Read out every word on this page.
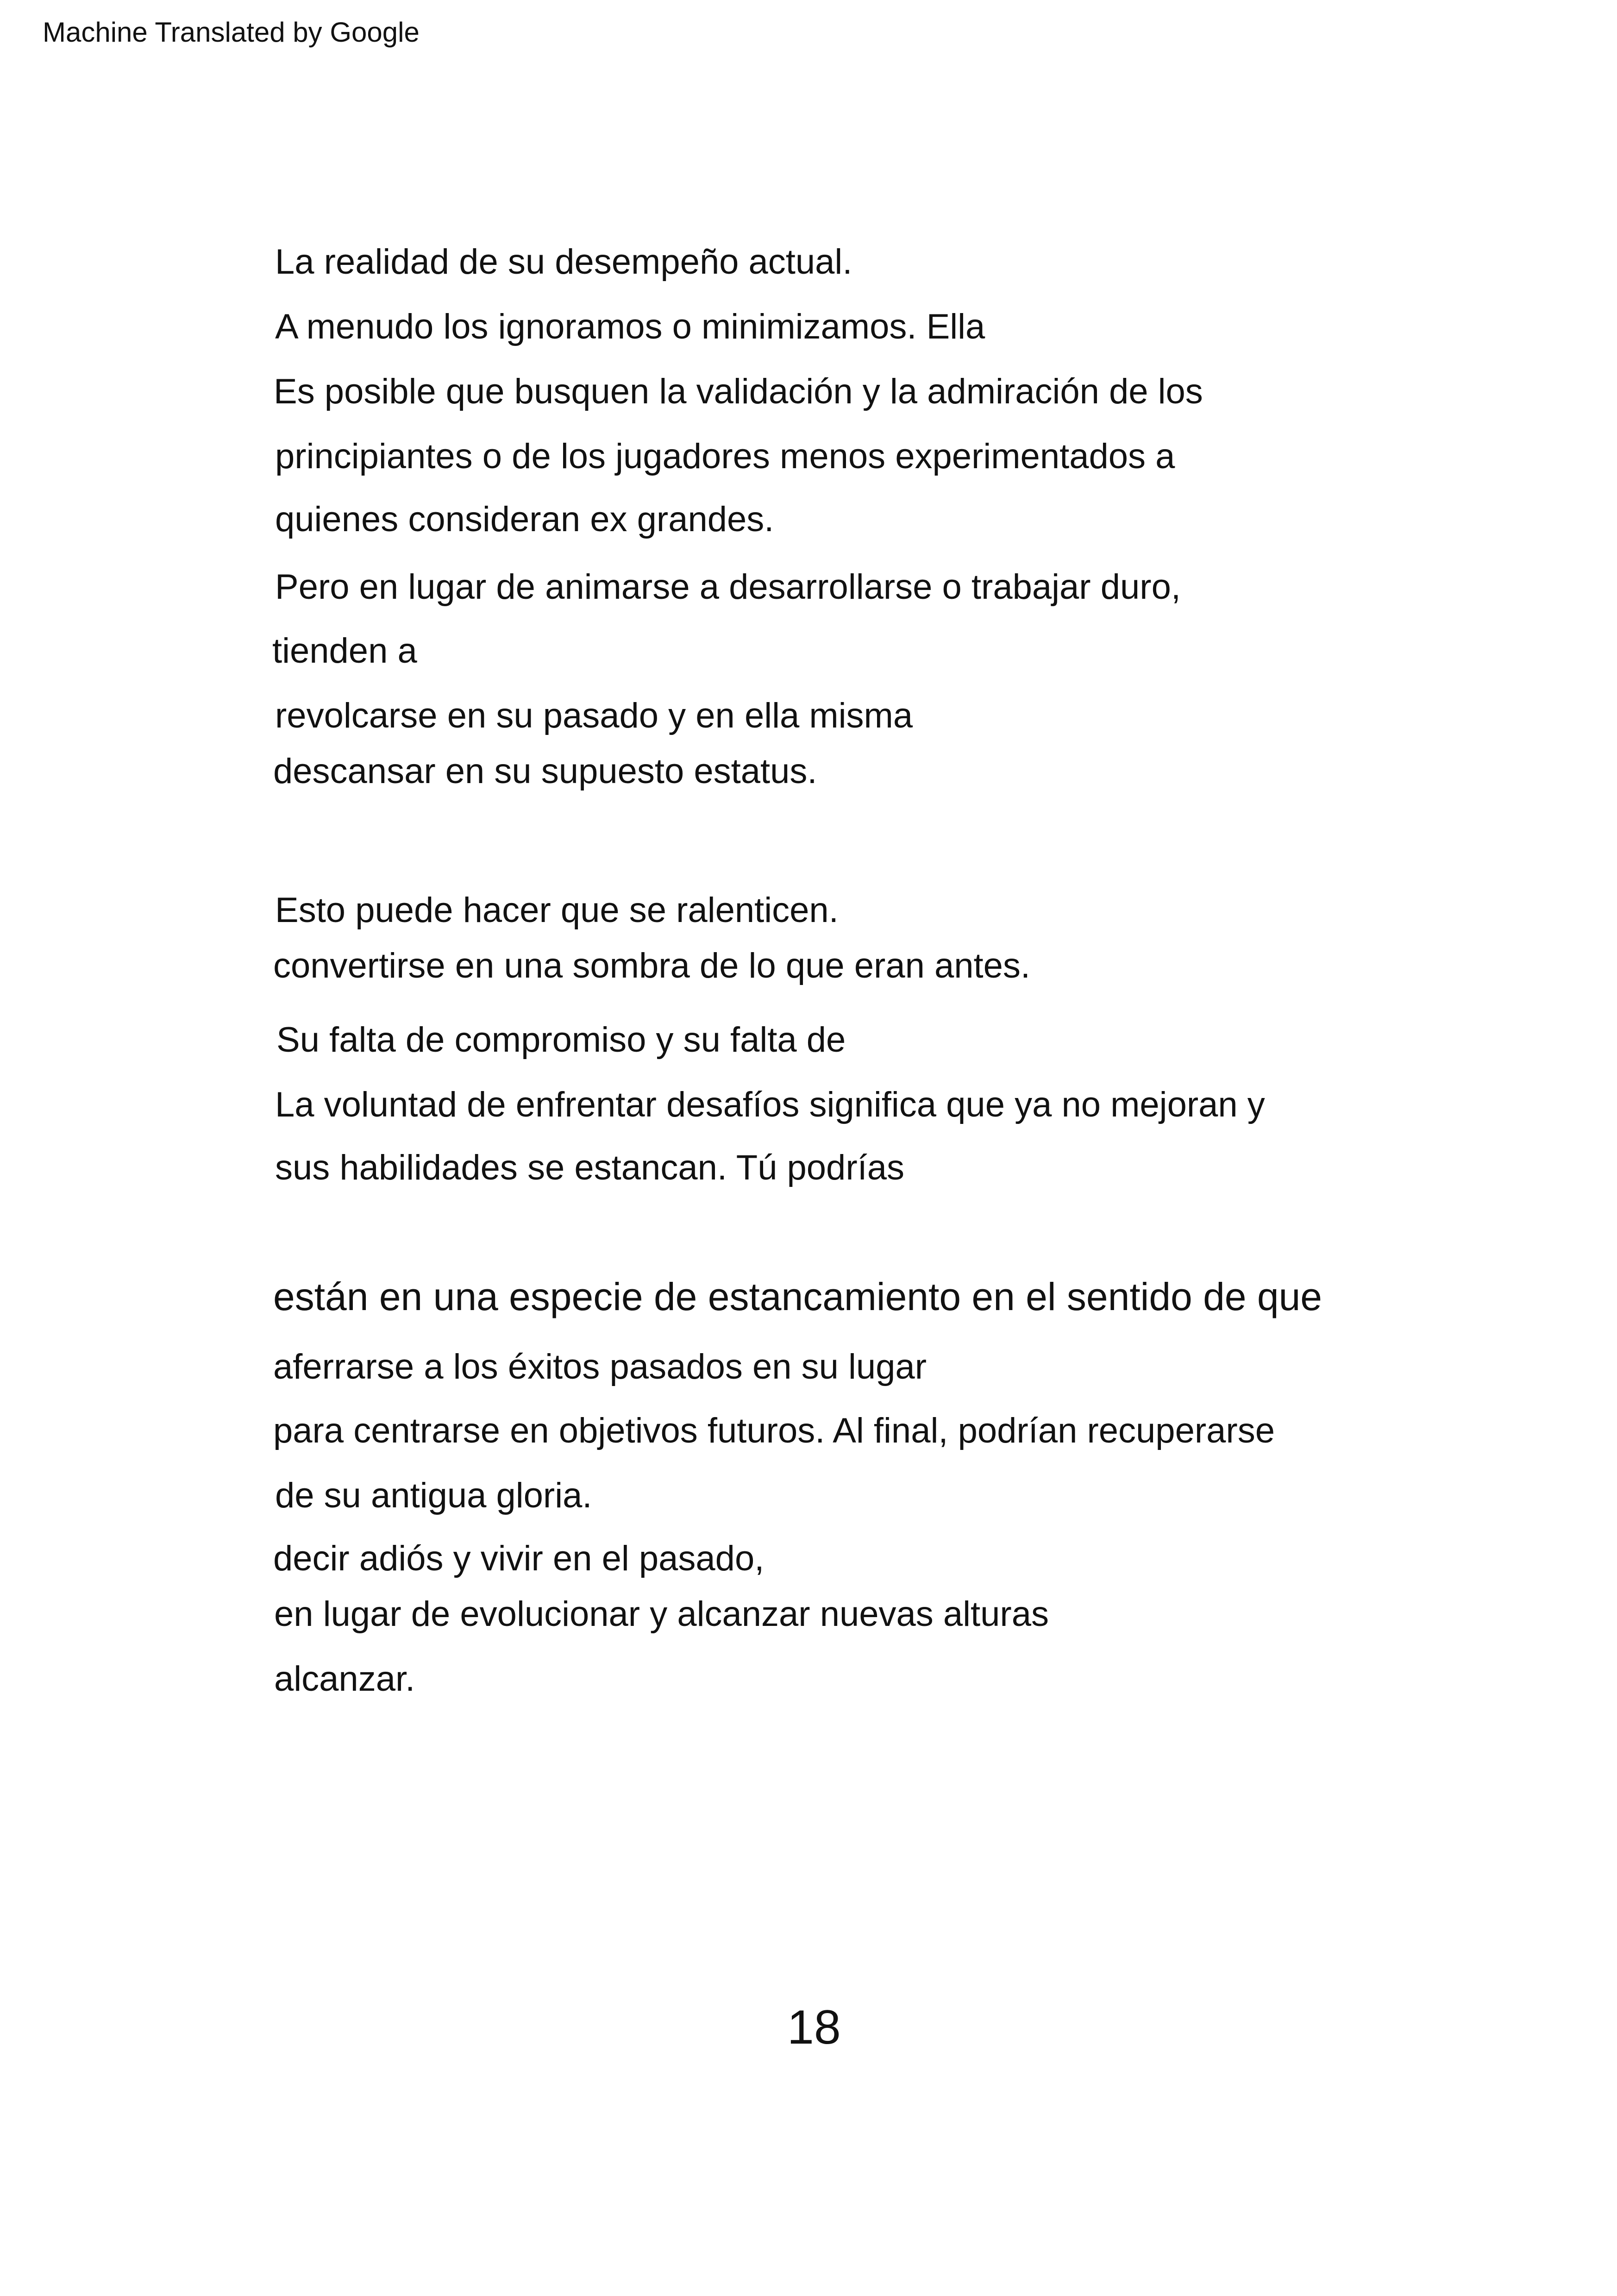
Machine Translated by Google
La realidad de su desempeño actual.
A menudo los ignoramos o minimizamos. Ella
Es posible que busquen la validación y la admiración de los
principiantes o de los jugadores menos experimentados a
quienes consideran ex grandes.
Pero en lugar de animarse a desarrollarse o trabajar duro,
tienden a
revolcarse en su pasado y en ella misma
descansar en su supuesto estatus.
Esto puede hacer que se ralenticen.
convertirse en una sombra de lo que eran antes.
Su falta de compromiso y su falta de
La voluntad de enfrentar desafíos significa que ya no mejoran y
sus habilidades se estancan. Tú podrías
están en una especie de estancamiento en el sentido de que
aferrarse a los éxitos pasados en su lugar
para centrarse en objetivos futuros. Al final, podrían recuperarse
de su antigua gloria.
decir adiós y vivir en el pasado,
en lugar de evolucionar y alcanzar nuevas alturas
alcanzar.
18
